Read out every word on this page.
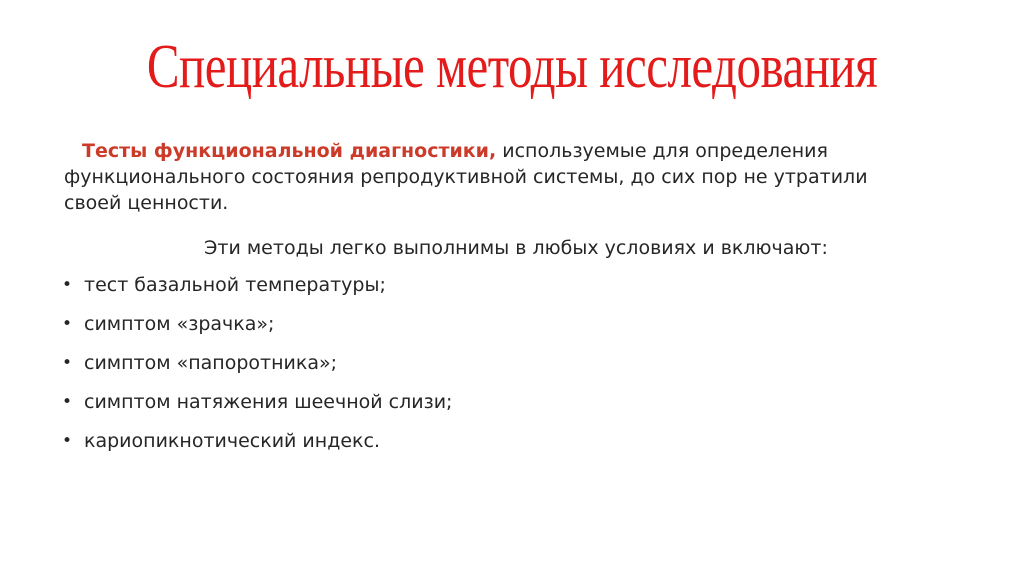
Специальные методы исследования
Тесты функциональной диагностики, используемые для определения функционального состояния репродуктивной системы, до сих пор не утратили своей ценности.
Эти методы легко выполнимы в любых условиях и включают:
• тест базальной температуры;
• симптом «зрачка»;
• симптом «папоротника»;
• симптом натяжения шеечной слизи;
• кариопикнотический индекс.
